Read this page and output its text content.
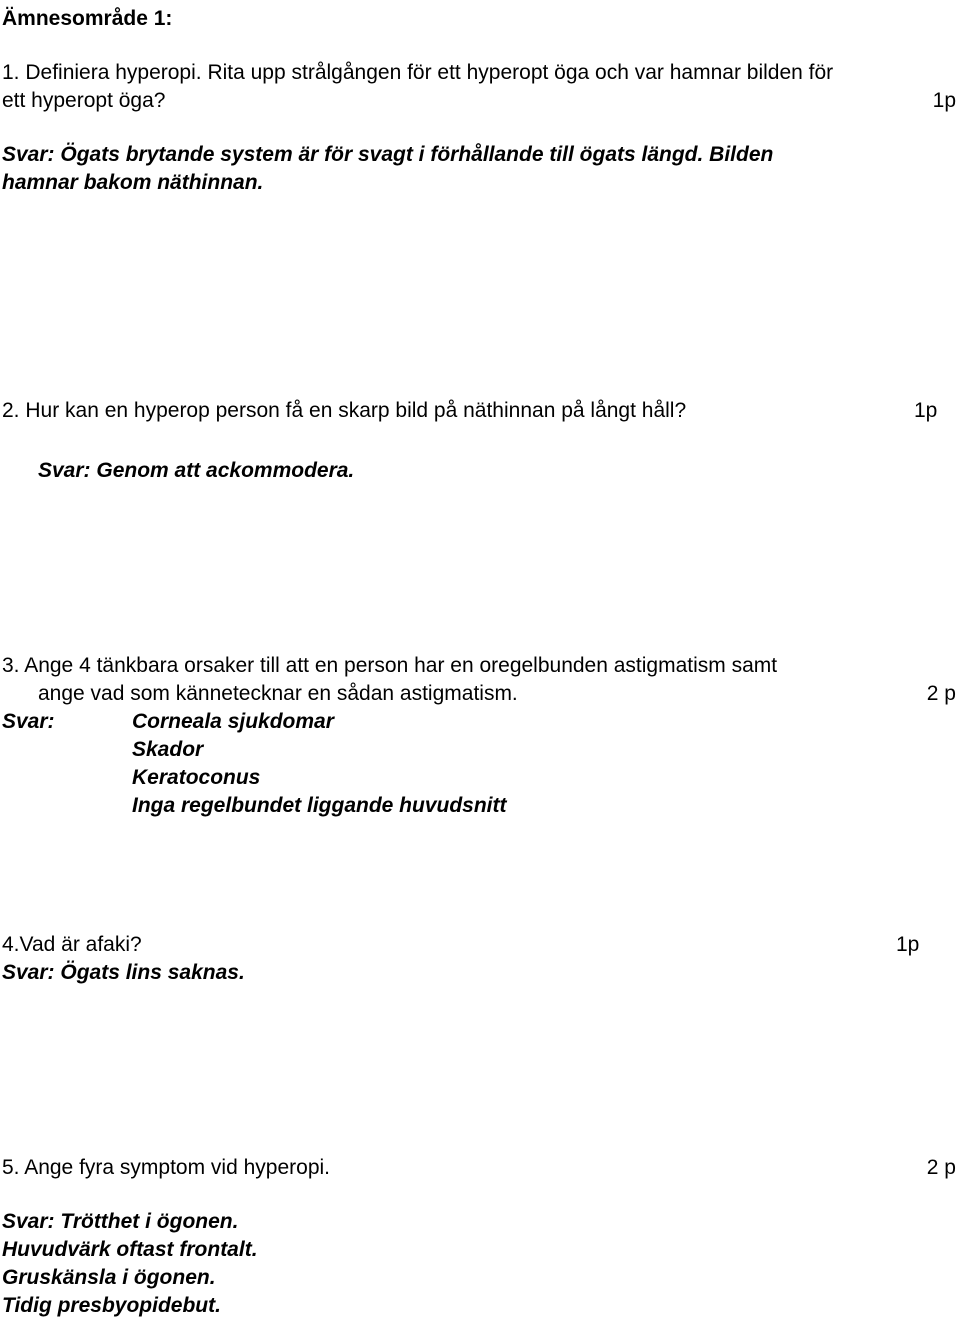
Ämnesområde 1:
1. Definiera hyperopi. Rita upp strålgången för ett hyperopt öga och var hamnar bilden för
ett hyperopt öga?	1p
Svar: Ögats brytande system är för svagt i förhållande till ögats längd. Bilden
hamnar bakom näthinnan.
2. Hur kan en hyperop person få en skarp bild på näthinnan på långt håll?	1p
Svar: Genom att ackommodera.
3. Ange 4 tänkbara orsaker till att en person har en oregelbunden astigmatism samt
ange vad som kännetecknar en sådan astigmatism.	2 p
Svar:	Corneala sjukdomar
Skador
Keratoconus
Inga regelbundet liggande huvudsnitt
4.Vad är afaki?	1p
Svar: Ögats lins saknas.
5. Ange fyra symptom vid hyperopi.	2 p
Svar: Trötthet i ögonen.
Huvudvärk oftast frontalt.
Gruskänsla i ögonen.
Tidig presbyopidebut.
